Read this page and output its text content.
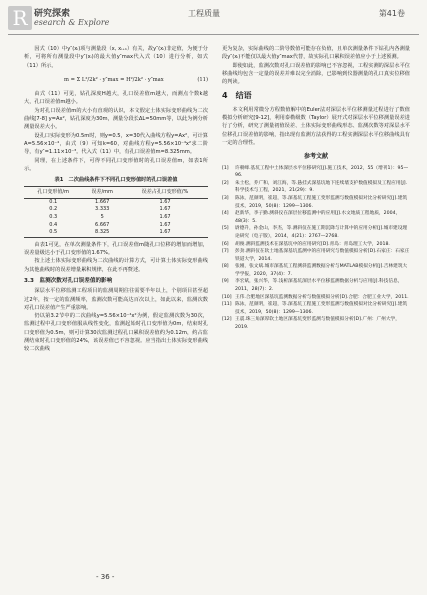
R 研究探索
esearch & Explore
工程质量	第41卷

因式（10）中y″(xᵢ)项与测量段（x, xᵢ₊₁）有关，故y″(xᵢ)非定值，为便于分析，可将所有测量段中y″(xᵢ)的最大值y″max代入式（10）进行分析，如式（11）所示。

m = Σ L²/2k² · y″max = H²/2k² · y″max	(11)

由式（11）可见，钻孔深度H越大，孔口误差值m越大，而测点个数k越大，孔口误差值m越小。

为对孔口误差值m的大小有直观的认识，本文假定土体实际变形曲线为二次曲线[7-8] y=Ax²，钻孔深度为30m，测量分段长ΔL=50mm等，以此为例分析测量误差大小。

设孔口实际变形为0.5m时，则y=0.5，x=30代入曲线方程y=Ax²，可计算A=5.56×10⁻⁴，由式（9）可知k=60，对曲线方程y=5.56×10⁻⁴x²求二阶导，有y″=1.11×10⁻³。代入式（11）中，有孔口误差值m=8.325mm。

同理，在上述条件下，可得不同孔口变形值时的孔口误差值m，如表1所示。

表1　二次曲线条件下不同孔口变形值时的孔口误差值
孔口变形值/m	误差/mm	误差占孔口变形值/%
0.1	1.667	1.67
0.2	3.333	1.67
0.3	5	1.67
0.4	6.667	1.67
0.5	8.325	1.67

由表1可见，在单次测量条件下，孔口误差值m随孔口位移的增加而增加，误差量级达小于孔口变形值的1.67%。

按上述土体实际变形曲线为二次曲线的计算方式，可计算土体实际变形曲线为其他曲线时的误差增量累积规律，在此不再赘述。

3.3　监测次数对孔口误差值的影响

深层水平位移监测工程项目的监测周期往往需要半年以上，个别项目甚至超过2年，按一定的监测频率，监测次数可能高达百次以上，如此以来，监测次数对孔口误差值产生严重影响。

仍以第3.2节中的二次曲线y=5.56×10⁻⁴x²为例，假定监测次数为30次，监测过程中孔口变形值服从线性变化，监测起始时孔口变形值为0m，结束时孔口变形值为0.5m，则可计算30次监测过程孔口累积误差值约为0.12m，约占监测结束时孔口变形值的24%，该误差值已不容忽视。应当指出土体实际变形曲线较二次曲线

更为复杂，实际曲线的二阶导数值可能存在负值，且单次测量条件下钻孔内各测量段y″(xᵢ)不能仅以最大值y″max代替，故实际孔口累积误差值应小于上述预测。

即使如此，监测次数对孔口误差值的影响已不容忽视，工程实测的深层水平位移曲线均包含一定量的误差并难以完全消除，已影响到仪器测量的孔口真实位移值的判读。

4　结语

本文利用常微分方程数值解中的Euler法对深层水平位移测量过程进行了数值模拟分析研究[9-12]，利用泰勒级数（Taylor）展开式对深层水平位移测量误差进行了分析，研究了测量初值误差、土体实际变形曲线形态、监测次数等对深层水平位移孔口误差值的影响，指出现有监测方法获得的工程实测深层水平位移曲线具有一定的合理性。

参考文献
[1]	许朝峰.基坑工程中土体深层水平位移研究[J].施工技术，2012，55（增刊1）：95—96.
[2]	朱士松，乔广和，刘江海，等.悬挂式深基坑地下连续墙支护数值模拟及工程应用[J].科学技术与工程，2021，21(29)：9.
[3]	陈泳，范颜明，崔超，等.深基坑工程施工变形监测与数值模拟对比分析研究[J].建筑技术，2019，50(8)：1299—1306.
[4]	赵新华，李子勤.测斜仪在深层位移监测中的应用[J].水文地质工程地质，2004，48(3)：5.
[5]	尉德升，孙金山，李杰，等.测斜仪在施工期沉降与计算中的应用分析[J].城市建设理论研究（电子版），2014，4(21)：2767—2768.
[6]	胡俊.测斜监测技术在深基坑中的应用研究[D].青岛：青岛理工大学，2018.
[7]	彭劲.测斜仪在软土地基深基坑监测中的应用研究与数值模拟分析[D].石家庄：石家庄铁道大学，2014.
[8]	张刚，张文斌.城市深基坑工程测斜监测数据分析与MATLAB模拟分析[J].吉林建筑大学学报，2020，37(4)：7.
[9]	李宏斌，张兴华，等.浅析深基坑深层水平位移监测数据分析与应用[J].科技信息，2011，28(7)：2.
[10] 王伟.合肥地区深基坑监测数据分析与数值模拟分析[D].合肥：合肥工业大学，2011.
[11] 陈泳，范颜明，崔超，等.深基坑工程施工变形监测与数值模拟对比分析研究[J].建筑技术，2019，50(8)：1299—1306.
[12] 王震.珠三角深厚软土地区深基坑变形监测与数值模拟分析[D].广州：广州大学，2019.
- 36 -
